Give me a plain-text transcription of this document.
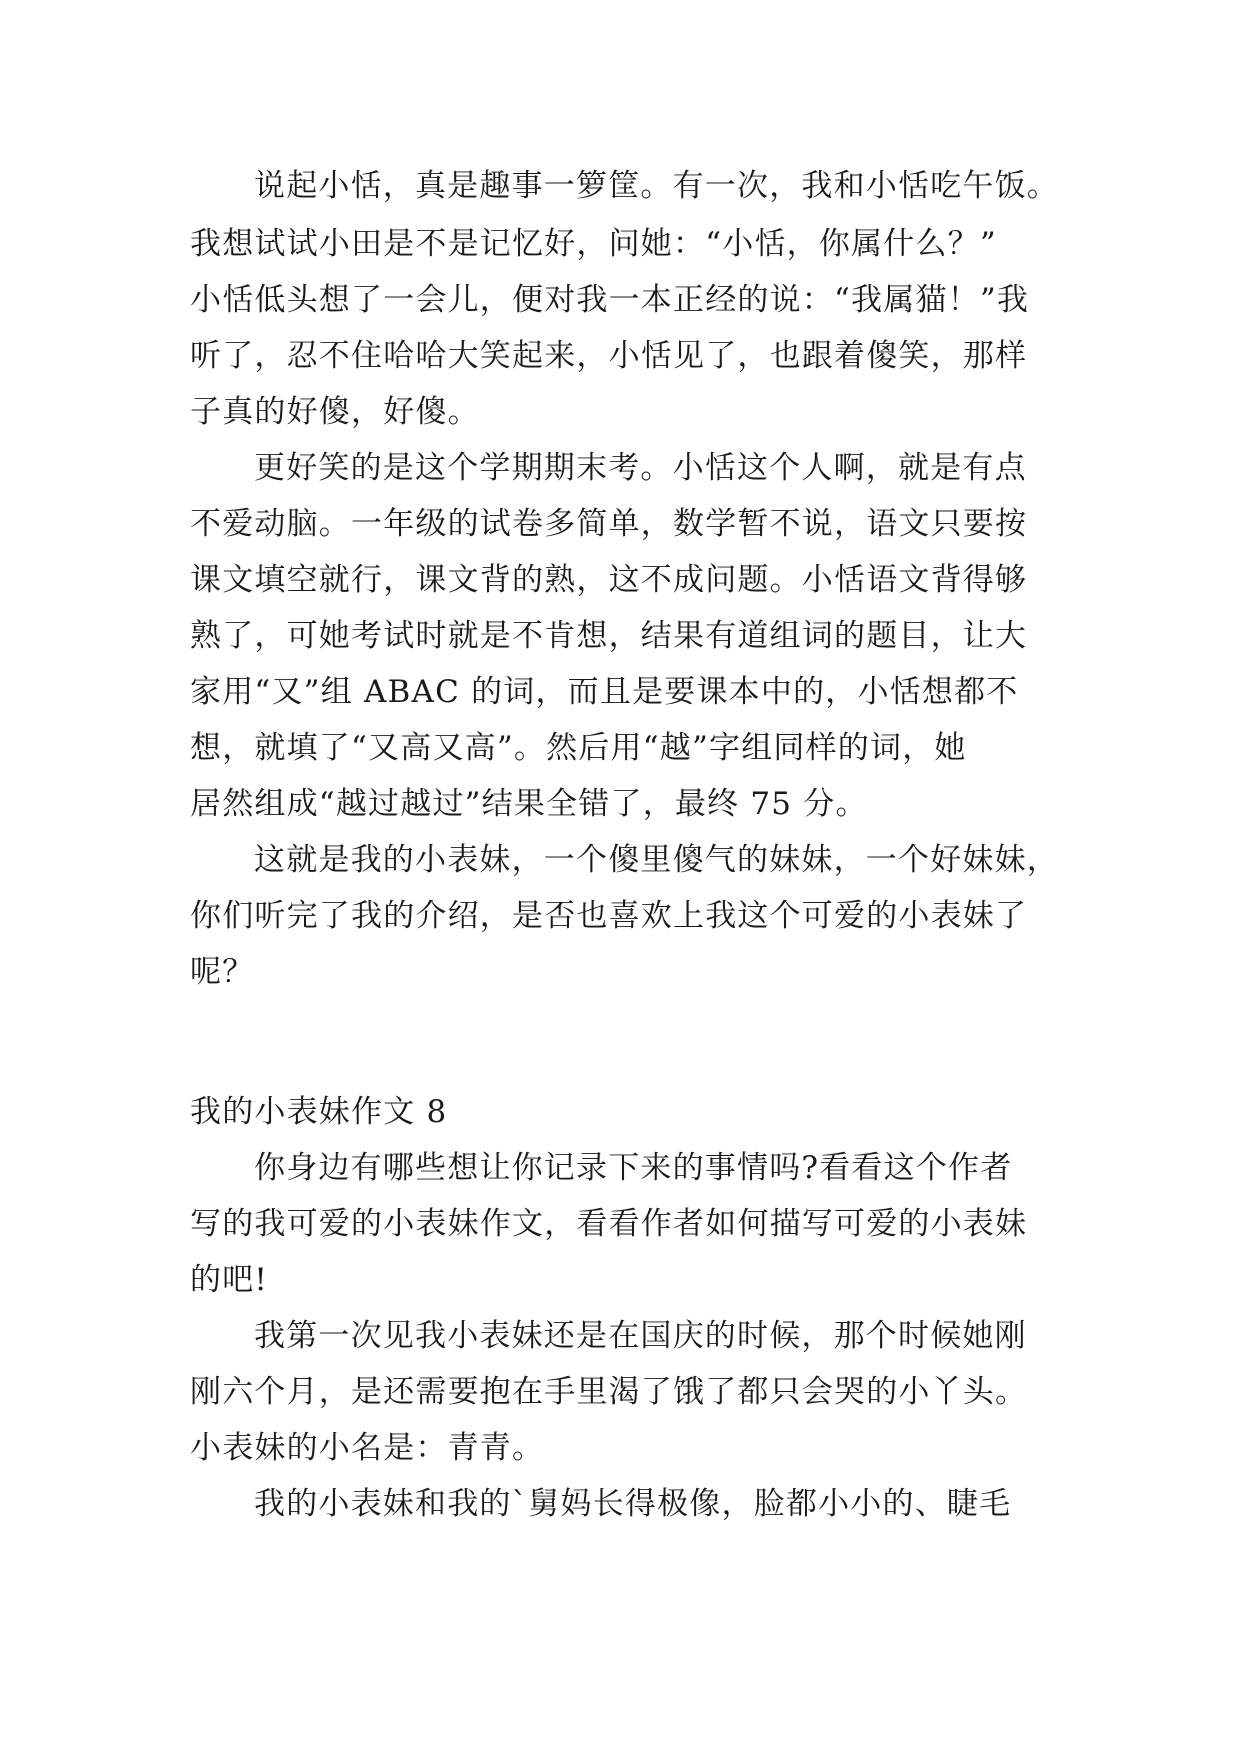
说起小恬，真是趣事一箩筐。有一次，我和小恬吃午饭。
我想试试小田是不是记忆好，问她：“小恬，你属什么？”
小恬低头想了一会儿，便对我一本正经的说：“我属猫！”我
听了，忍不住哈哈大笑起来，小恬见了，也跟着傻笑，那样
子真的好傻，好傻。
更好笑的是这个学期期末考。小恬这个人啊，就是有点
不爱动脑。一年级的试卷多简单，数学暂不说，语文只要按
课文填空就行，课文背的熟，这不成问题。小恬语文背得够
熟了，可她考试时就是不肯想，结果有道组词的题目，让大
家用“又”组 ABAC 的词，而且是要课本中的，小恬想都不
想，就填了“又高又高”。然后用“越”字组同样的词，她
居然组成“越过越过”结果全错了，最终 75 分。
这就是我的小表妹，一个傻里傻气的妹妹，一个好妹妹，
你们听完了我的介绍，是否也喜欢上我这个可爱的小表妹了
呢？
我的小表妹作文 8
你身边有哪些想让你记录下来的事情吗?看看这个作者
写的我可爱的小表妹作文，看看作者如何描写可爱的小表妹
的吧!
我第一次见我小表妹还是在国庆的时候，那个时候她刚
刚六个月，是还需要抱在手里渴了饿了都只会哭的小丫头。
小表妹的小名是：青青。
我的小表妹和我的`舅妈长得极像，脸都小小的、睫毛
